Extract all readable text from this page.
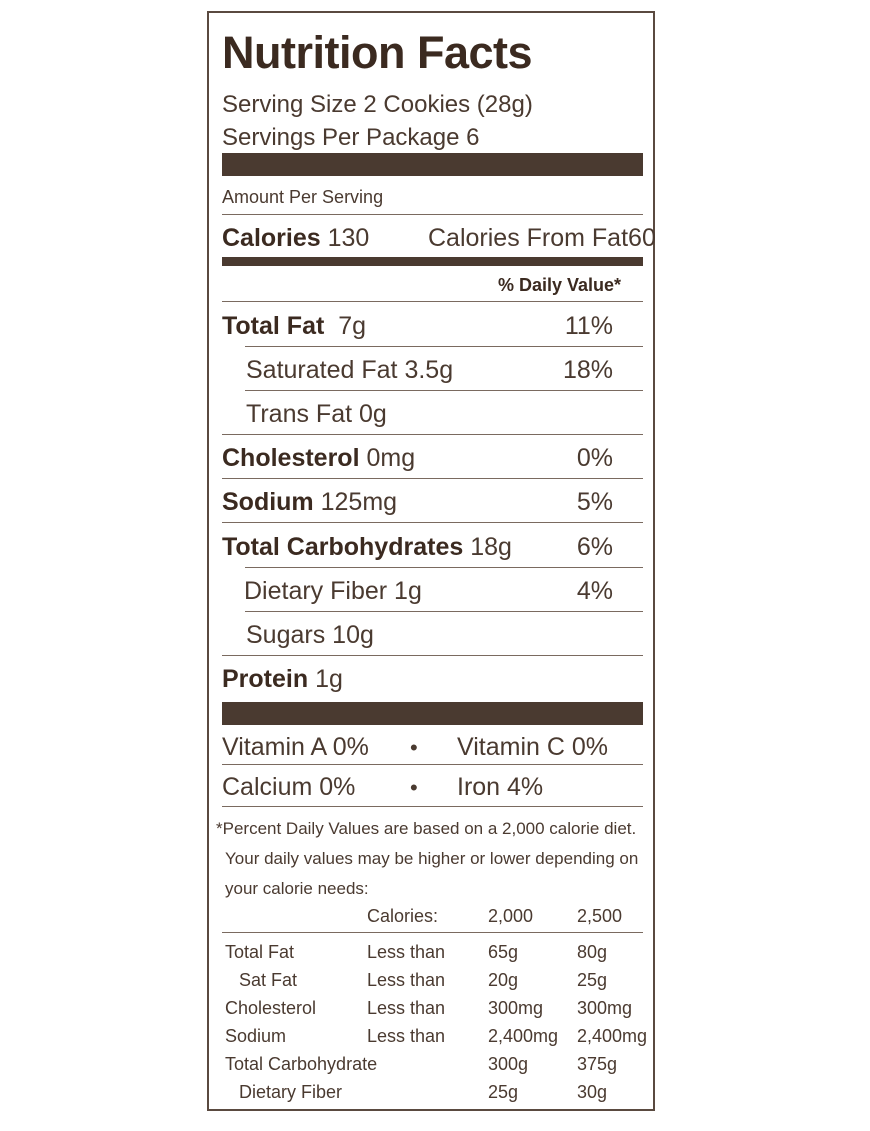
Nutrition Facts
Serving Size 2 Cookies (28g)
Servings Per Package 6
Amount Per Serving
Calories 130 Calories From Fat60
% Daily Value*
Total Fat 7g	11%
Saturated Fat 3.5g	18%
Trans Fat 0g
Cholesterol 0mg	0%
Sodium 125mg	5%
Total Carbohydrates 18g	6%
Dietary Fiber 1g	4%
Sugars 10g
Protein 1g
Vitamin A 0% • Vitamin C 0%
Calcium 0% • Iron 4%
*Percent Daily Values are based on a 2,000 calorie diet.
Your daily values may be higher or lower depending on
your calorie needs:
Calories:	2,000 2,500
Total Fat	Less than 65g	80g
Sat Fat	Less than 20g	25g
Cholesterol	Less than 300mg 300mg
Sodium	Less than 2,400mg 2,400mg
Total Carbohydrate	300g	375g
Dietary Fiber	25g	30g
